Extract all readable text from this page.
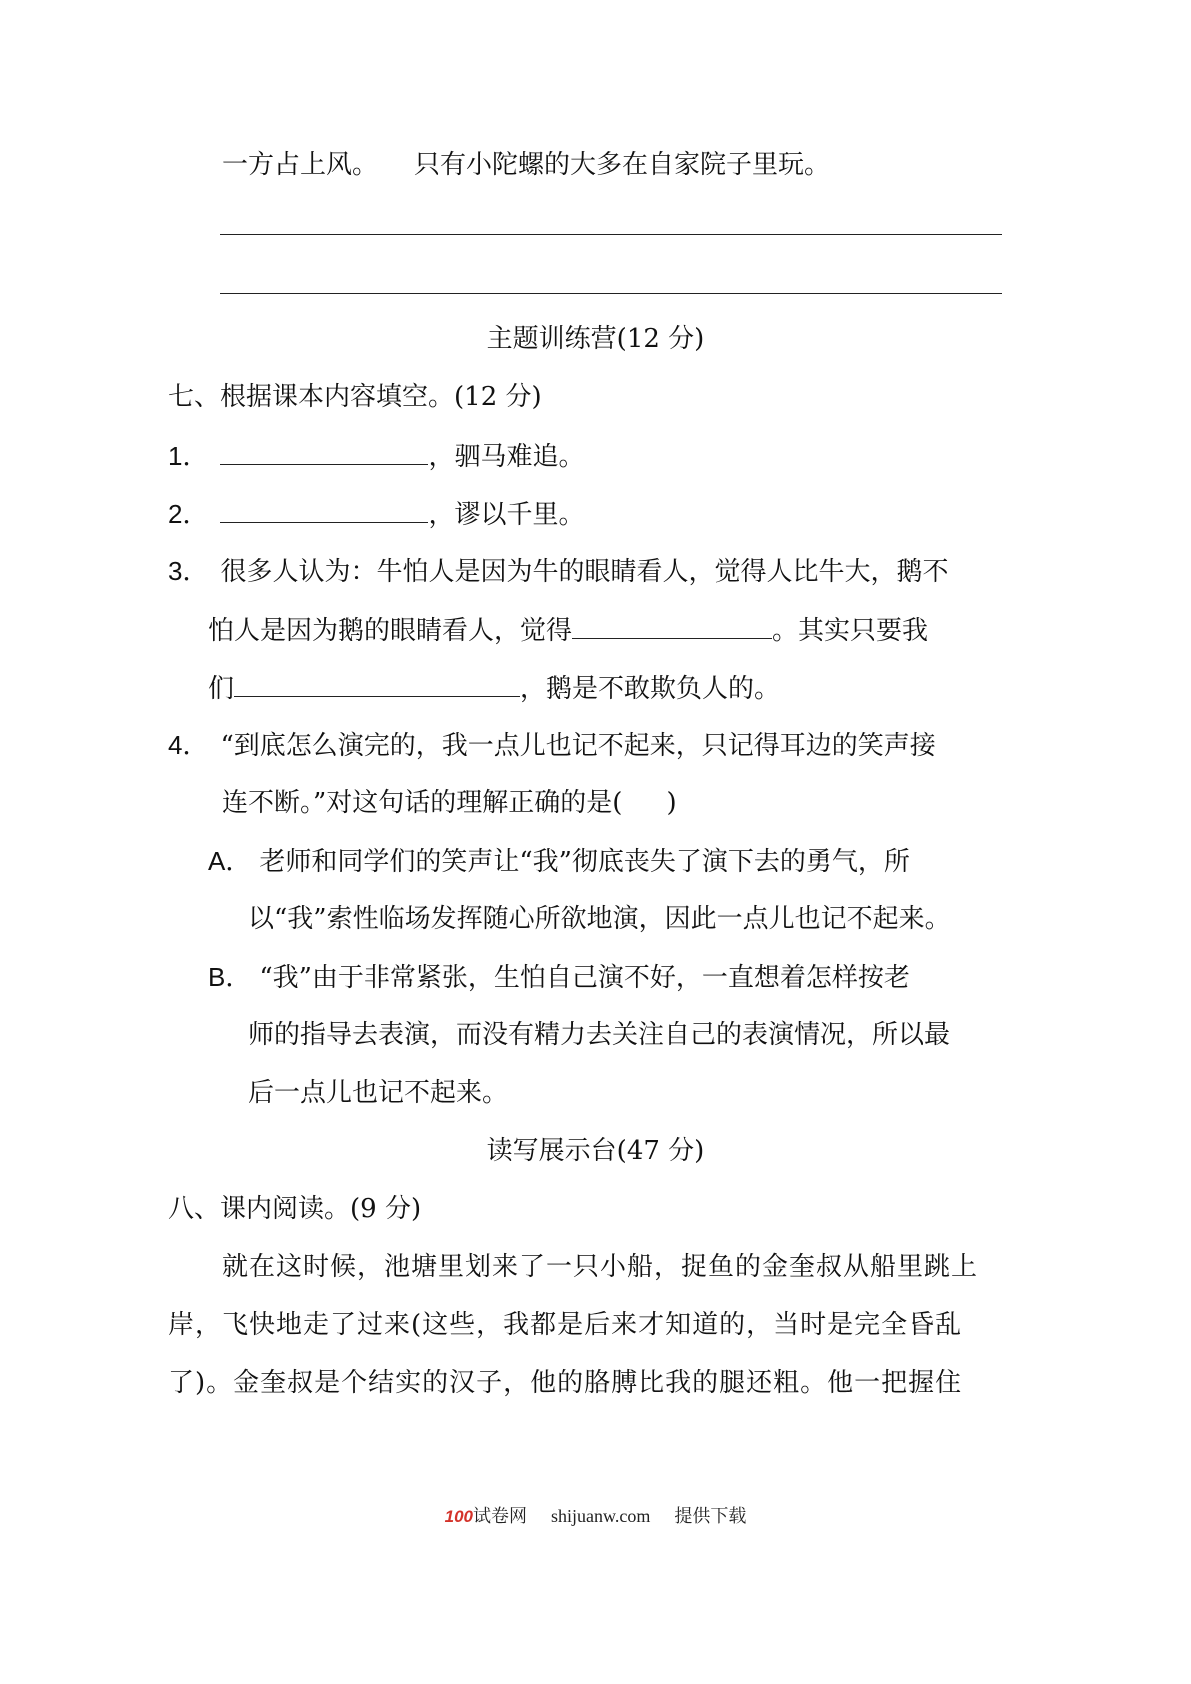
一方占上风。 只有小陀螺的大多在自家院子里玩。
主题训练营(12 分)
七、根据课本内容填空。(12 分)
1．	，驷马难追。
2．	，谬以千里。
3． 很多人认为：牛怕人是因为牛的眼睛看人，觉得人比牛大，鹅不
怕人是因为鹅的眼睛看人，觉得	。其实只要我
们	，鹅是不敢欺负人的。
4． “到底怎么演完的，我一点儿也记不起来，只记得耳边的笑声接
连不断。”对这句话的理解正确的是( )
A． 老师和同学们的笑声让“我”彻底丧失了演下去的勇气，所
以“我”索性临场发挥随心所欲地演，因此一点儿也记不起来。
B． “我”由于非常紧张，生怕自己演不好，一直想着怎样按老
师的指导去表演，而没有精力去关注自己的表演情况，所以最
后一点儿也记不起来。
读写展示台(47 分)
八、课内阅读。(9 分)
就在这时候，池塘里划来了一只小船，捉鱼的金奎叔从船里跳上
岸，飞快地走了过来(这些，我都是后来才知道的，当时是完全昏乱
了)。金奎叔是个结实的汉子，他的胳膊比我的腿还粗。他一把握住
100试卷网 shijuanw.com 提供下载
